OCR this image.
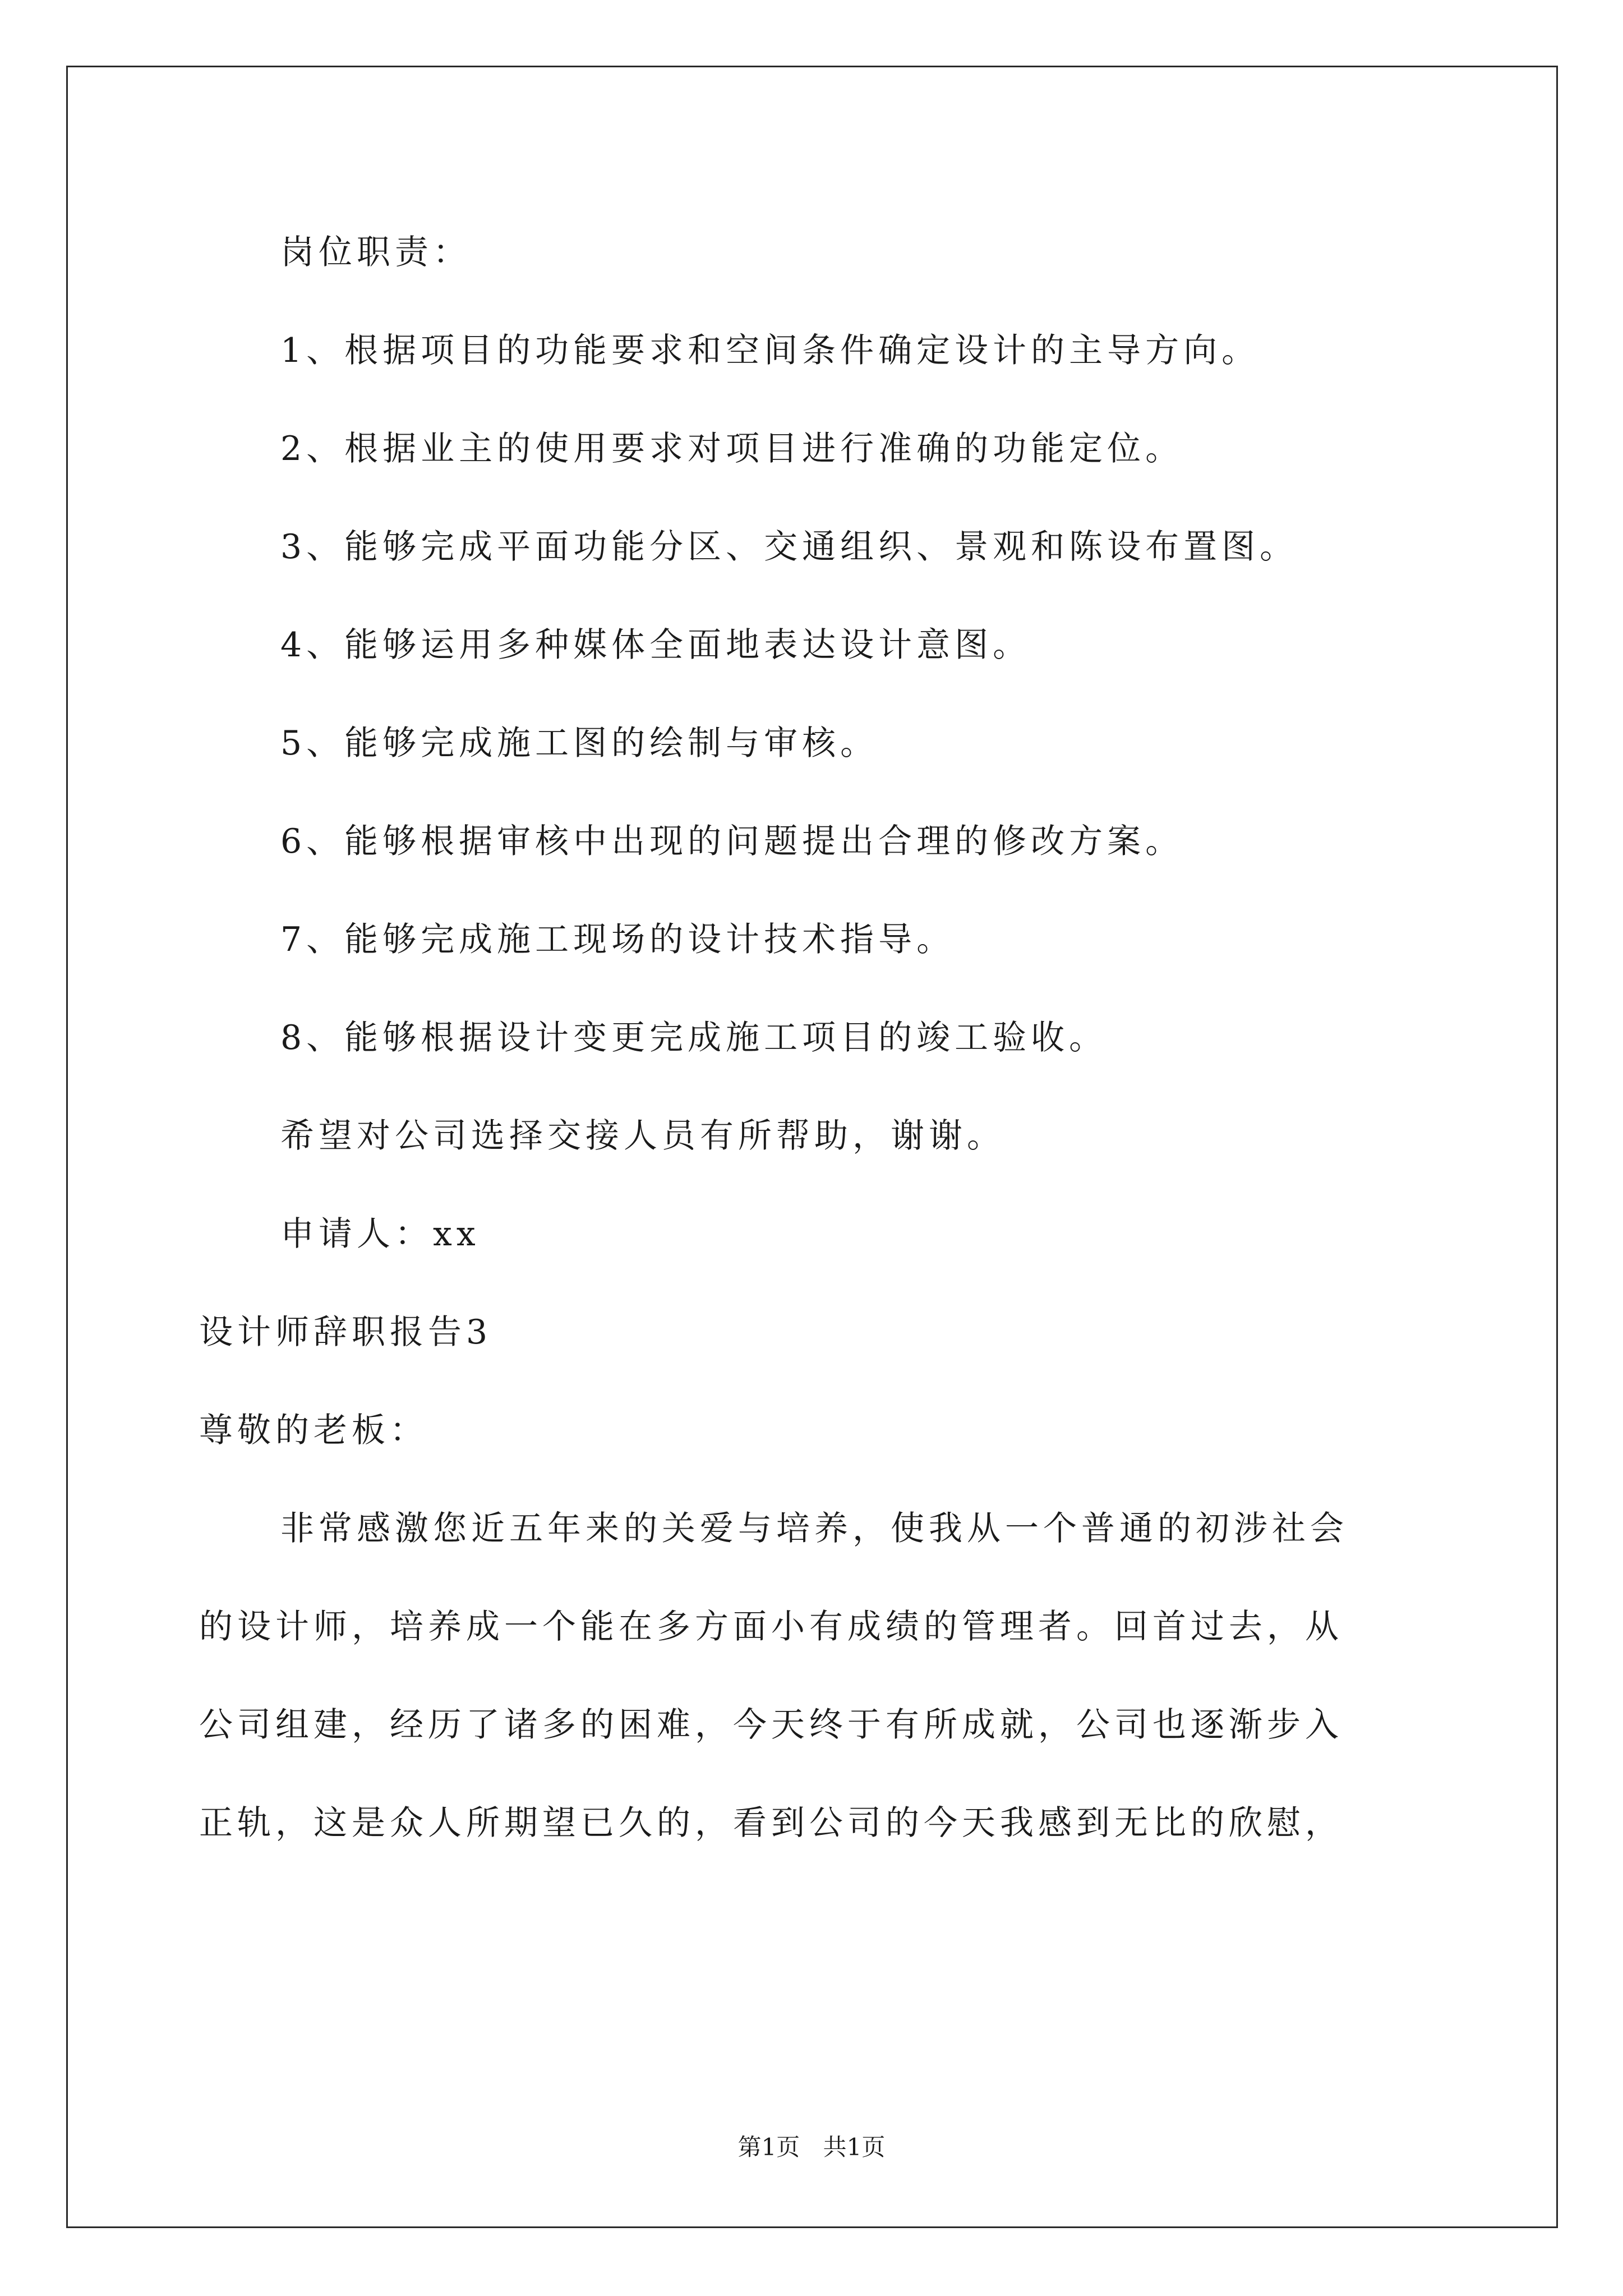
岗位职责：
1、根据项目的功能要求和空间条件确定设计的主导方向。
2、根据业主的使用要求对项目进行准确的功能定位。
3、能够完成平面功能分区、交通组织、景观和陈设布置图。
4、能够运用多种媒体全面地表达设计意图。
5、能够完成施工图的绘制与审核。
6、能够根据审核中出现的问题提出合理的修改方案。
7、能够完成施工现场的设计技术指导。
8、能够根据设计变更完成施工项目的竣工验收。
希望对公司选择交接人员有所帮助，谢谢。
申请人：xx
设计师辞职报告3
尊敬的老板：
非常感激您近五年来的关爱与培养，使我从一个普通的初涉社会
的设计师，培养成一个能在多方面小有成绩的管理者。回首过去，从
公司组建，经历了诸多的困难，今天终于有所成就，公司也逐渐步入
正轨，这是众人所期望已久的，看到公司的今天我感到无比的欣慰，
第1页 共1页
